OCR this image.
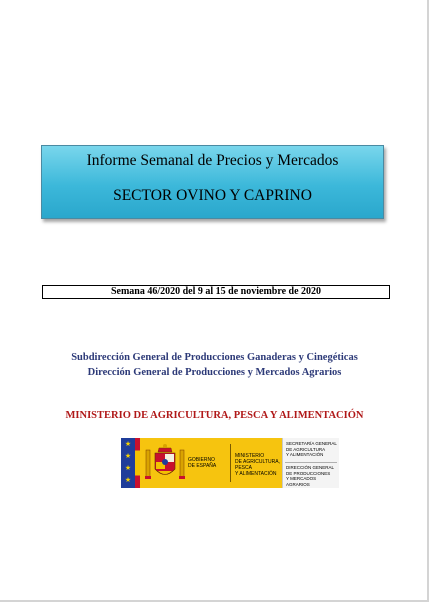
Informe Semanal de Precios y Mercados
SECTOR OVINO Y CAPRINO
Semana 46/2020 del 9 al 15 de noviembre de 2020
Subdirección General de Producciones Ganaderas y Cinegéticas
Dirección General de Producciones y Mercados Agrarios
MINISTERIO DE AGRICULTURA, PESCA Y ALIMENTACIÓN
★
★
★
★
GOBIERNO
DE ESPAÑA
MINISTERIO
DE AGRICULTURA, PESCA
Y ALIMENTACIÓN
SECRETARÍA GENERAL
DE AGRICULTURA
Y ALIMENTACIÓN
DIRECCIÓN GENERAL
DE PRODUCCIONES
Y MERCADOS AGRARIOS
